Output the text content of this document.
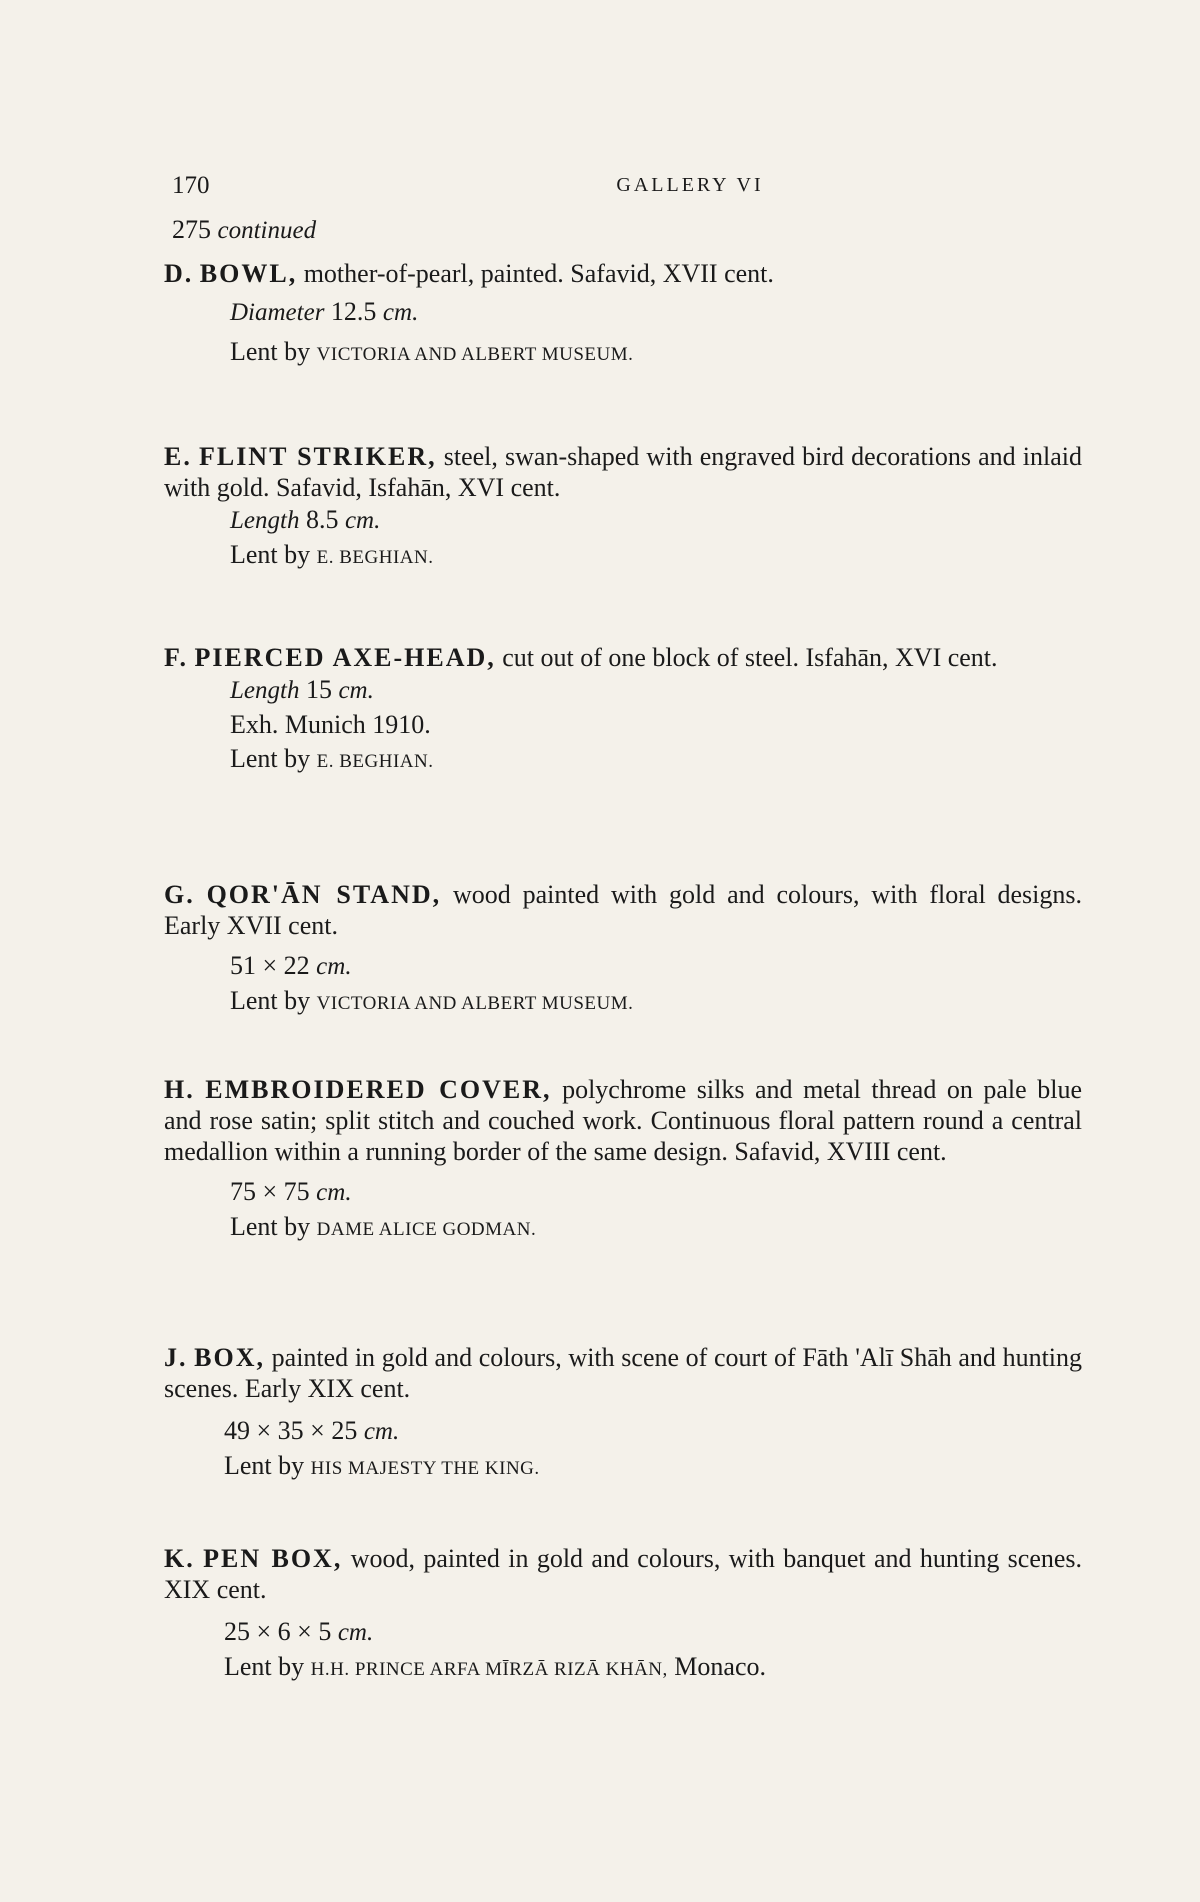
170	GALLERY VI
275 continued

D. BOWL, mother-of-pearl, painted. Safavid, XVII cent.

Diameter 12.5 cm.
Lent by VICTORIA AND ALBERT MUSEUM.

E. FLINT STRIKER, steel, swan-shaped with engraved bird decorations and inlaid with gold. Safavid, Isfahān, XVI cent.

Length 8.5 cm.
Lent by E. BEGHIAN.

F. PIERCED AXE-HEAD, cut out of one block of steel. Isfahān, XVI cent.

Length 15 cm.
Exh. Munich 1910.
Lent by E. BEGHIAN.

G. QOR'ĀN STAND, wood painted with gold and colours, with floral designs. Early XVII cent.

51 × 22 cm.
Lent by VICTORIA AND ALBERT MUSEUM.

H. EMBROIDERED COVER, polychrome silks and metal thread on pale blue and rose satin; split stitch and couched work. Continuous floral pattern round a central medallion within a running border of the same design. Safavid, XVIII cent.

75 × 75 cm.
Lent by DAME ALICE GODMAN.

J. BOX, painted in gold and colours, with scene of court of Fāth 'Alī Shāh and hunting scenes. Early XIX cent.

49 × 35 × 25 cm.
Lent by HIS MAJESTY THE KING.

K. PEN BOX, wood, painted in gold and colours, with banquet and hunting scenes. XIX cent.

25 × 6 × 5 cm.
Lent by H.H. PRINCE ARFA MĪRZĀ RIZĀ KHĀN, Monaco.
